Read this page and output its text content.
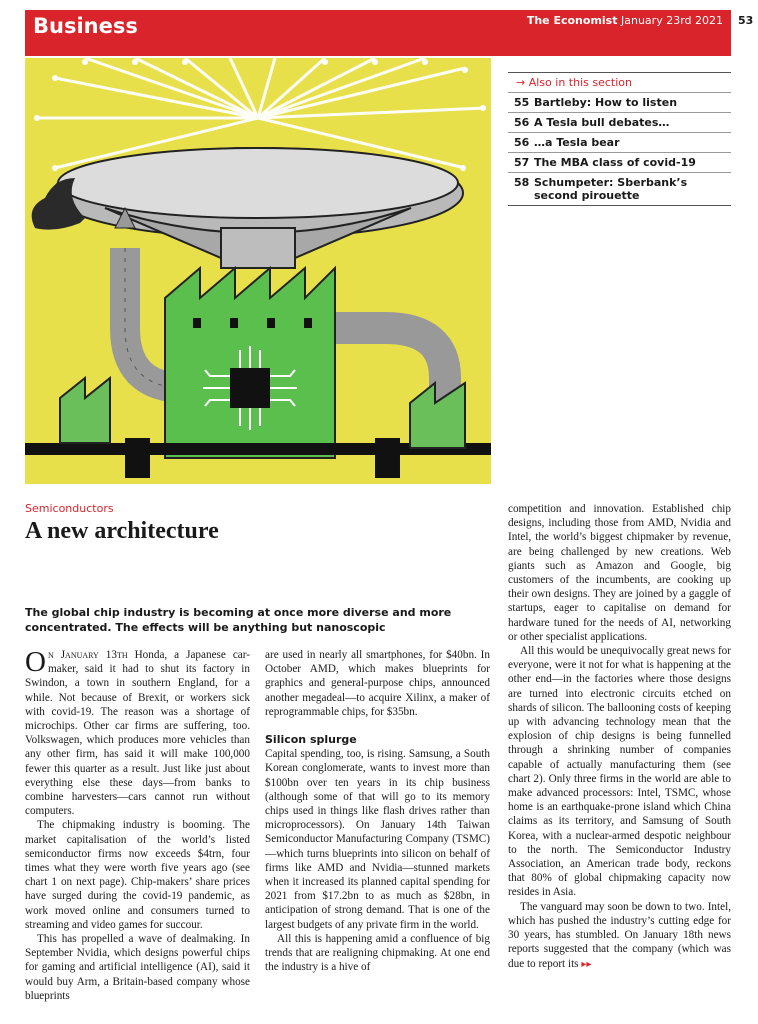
Business	The Economist January 23rd 2021 53
→ Also in this section
55 Bartleby: How to listen
56 A Tesla bull debates…
56 …a Tesla bear
57 The MBA class of covid-19
58 Schumpeter: Sberbank’s second pirouette
Semiconductors
A new architecture
The global chip industry is becoming at once more diverse and more concentrated. The effects will be anything but nanoscopic

On January 13th Honda, a Japanese car-maker, said it had to shut its factory in Swindon, a town in southern England, for a while. Not because of Brexit, or workers sick with covid-19. The reason was a shortage of microchips. Other car firms are suffering, too. Volkswagen, which produces more vehicles than any other firm, has said it will make 100,000 fewer this quarter as a result. Just like just about everything else these days—from banks to combine harvesters—cars cannot run without computers.

The chipmaking industry is booming. The market capitalisation of the world’s listed semiconductor firms now exceeds $4trn, four times what they were worth five years ago (see chart 1 on next page). Chip-makers’ share prices have surged during the covid-19 pandemic, as work moved online and consumers turned to streaming and video games for succour.

This has propelled a wave of dealmaking. In September Nvidia, which designs powerful chips for gaming and artificial intelligence (AI), said it would buy Arm, a Britain-based company whose blueprints

are used in nearly all smartphones, for $40bn. In October AMD, which makes blueprints for graphics and general-purpose chips, announced another megadeal—to acquire Xilinx, a maker of reprogrammable chips, for $35bn.
Silicon splurge

Capital spending, too, is rising. Samsung, a South Korean conglomerate, wants to invest more than $100bn over ten years in its chip business (although some of that will go to its memory chips used in things like flash drives rather than microprocessors). On January 14th Taiwan Semiconductor Manufacturing Company (TSMC)—which turns blueprints into silicon on behalf of firms like AMD and Nvidia—stunned markets when it increased its planned capital spending for 2021 from $17.2bn to as much as $28bn, in anticipation of strong demand. That is one of the largest budgets of any private firm in the world.

All this is happening amid a confluence of big trends that are realigning chipmaking. At one end the industry is a hive of

competition and innovation. Established chip designs, including those from AMD, Nvidia and Intel, the world’s biggest chipmaker by revenue, are being challenged by new creations. Web giants such as Amazon and Google, big customers of the incumbents, are cooking up their own designs. They are joined by a gaggle of startups, eager to capitalise on demand for hardware tuned for the needs of AI, networking or other specialist applications.

All this would be unequivocally great news for everyone, were it not for what is happening at the other end—in the factories where those designs are turned into electronic circuits etched on shards of silicon. The ballooning costs of keeping up with advancing technology mean that the explosion of chip designs is being funnelled through a shrinking number of companies capable of actually manufacturing them (see chart 2). Only three firms in the world are able to make advanced processors: Intel, TSMC, whose home is an earthquake-prone island which China claims as its territory, and Samsung of South Korea, with a nuclear-armed despotic neighbour to the north. The Semiconductor Industry Association, an American trade body, reckons that 80% of global chipmaking capacity now resides in Asia.

The vanguard may soon be down to two. Intel, which has pushed the industry’s cutting edge for 30 years, has stumbled. On January 18th news reports suggested that the company (which was due to report its ▸▸
